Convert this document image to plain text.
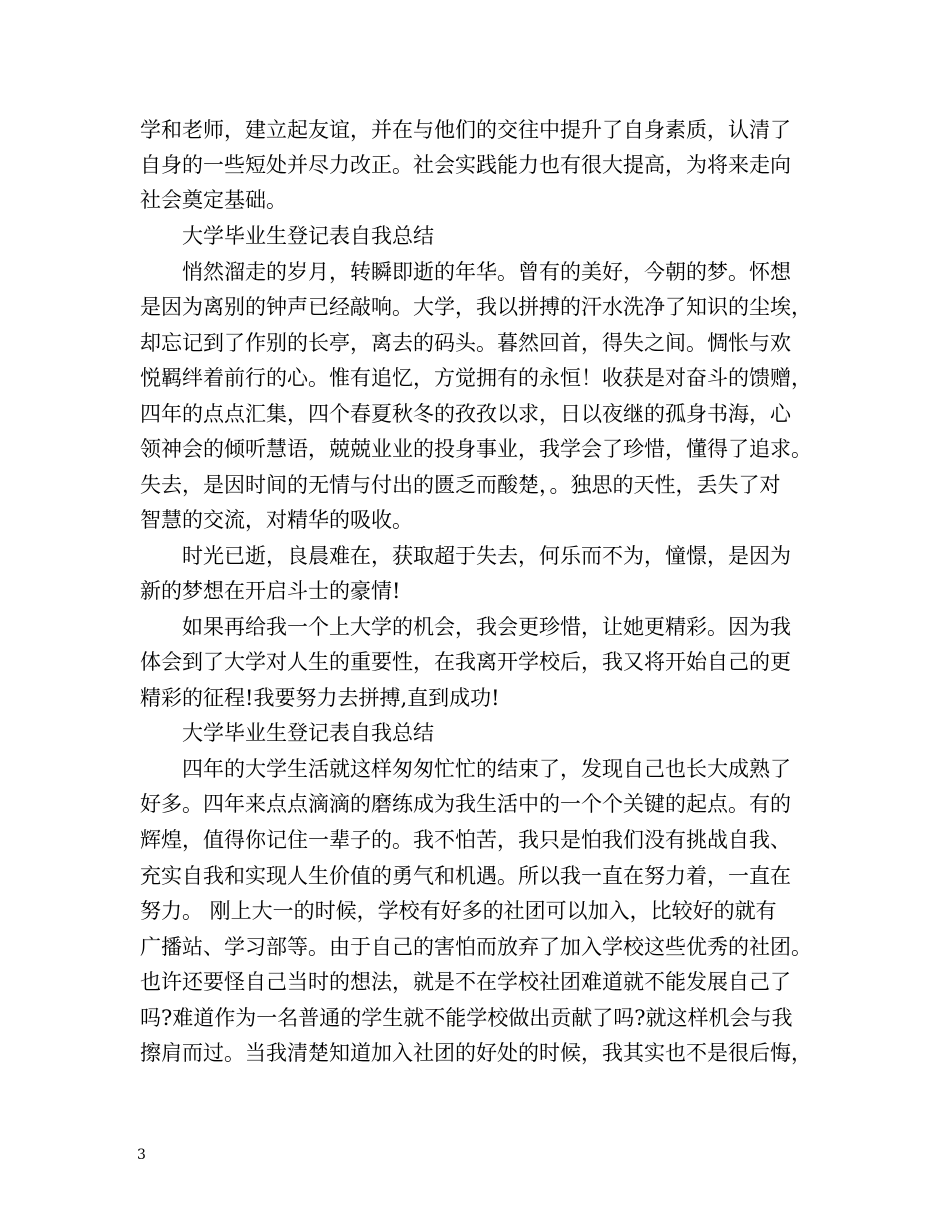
学和老师，建立起友谊，并在与他们的交往中提升了自身素质，认清了
自身的一些短处并尽力改正。社会实践能力也有很大提高，为将来走向
社会奠定基础。
大学毕业生登记表自我总结
悄然溜走的岁月，转瞬即逝的年华。曾有的美好，今朝的梦。怀想
是因为离别的钟声已经敲响。大学，我以拼搏的汗水洗净了知识的尘埃，
却忘记到了作别的长亭，离去的码头。暮然回首，得失之间。惆怅与欢
悦羁绊着前行的心。惟有追忆，方觉拥有的永恒！收获是对奋斗的馈赠，
四年的点点汇集，四个春夏秋冬的孜孜以求，日以夜继的孤身书海，心
领神会的倾听慧语，兢兢业业的投身事业，我学会了珍惜，懂得了追求。
失去，是因时间的无情与付出的匮乏而酸楚，。独思的天性，丢失了对
智慧的交流，对精华的吸收。
时光已逝，良晨难在，获取超于失去，何乐而不为，憧憬，是因为
新的梦想在开启斗士的豪情!
如果再给我一个上大学的机会，我会更珍惜，让她更精彩。因为我
体会到了大学对人生的重要性，在我离开学校后，我又将开始自己的更
精彩的征程!我要努力去拼搏,直到成功!
大学毕业生登记表自我总结
四年的大学生活就这样匆匆忙忙的结束了，发现自己也长大成熟了
好多。四年来点点滴滴的磨练成为我生活中的一个个关键的起点。有的
辉煌，值得你记住一辈子的。我不怕苦，我只是怕我们没有挑战自我、
充实自我和实现人生价值的勇气和机遇。所以我一直在努力着，一直在
努力。 刚上大一的时候，学校有好多的社团可以加入，比较好的就有
广播站、学习部等。由于自己的害怕而放弃了加入学校这些优秀的社团。
也许还要怪自己当时的想法，就是不在学校社团难道就不能发展自己了
吗?难道作为一名普通的学生就不能学校做出贡献了吗?就这样机会与我
擦肩而过。当我清楚知道加入社团的好处的时候，我其实也不是很后悔，
3
